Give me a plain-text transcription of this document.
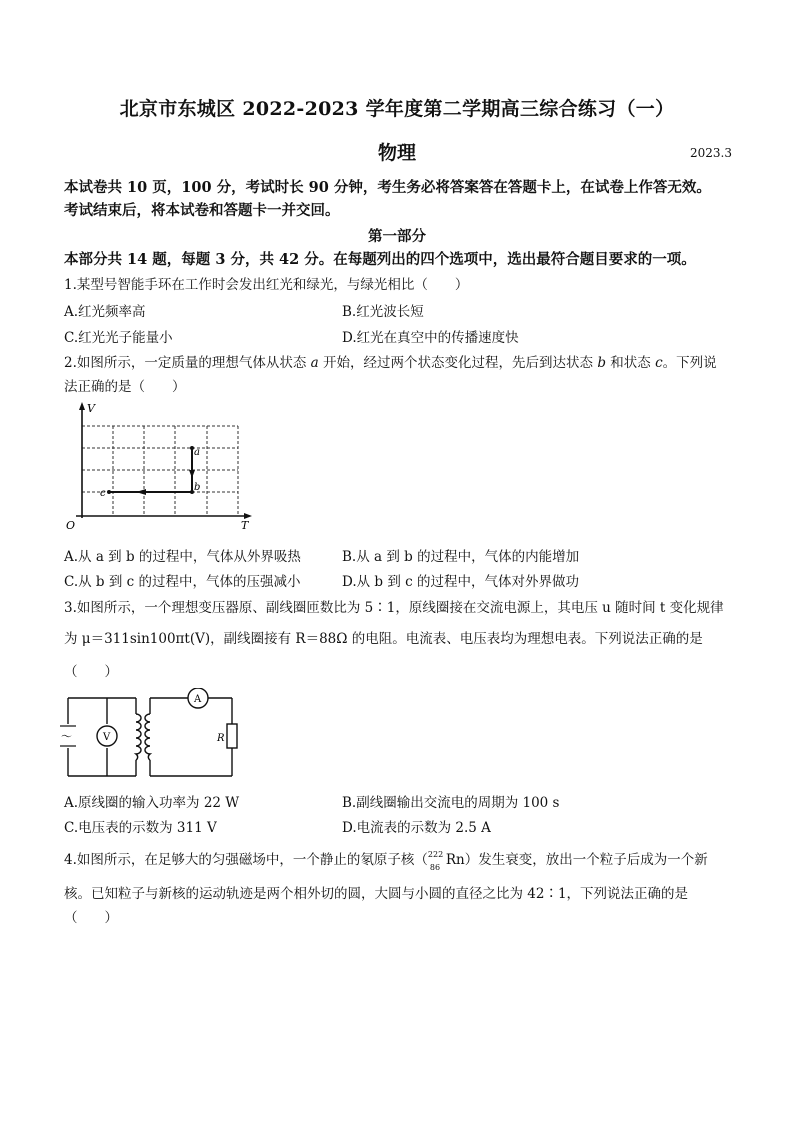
北京市东城区 2022-2023 学年度第二学期高三综合练习（一）
物理	2023.3
本试卷共 10 页，100 分，考试时长 90 分钟，考生务必将答案答在答题卡上，在试卷上作答无效。
考试结束后，将本试卷和答题卡一并交回。
第一部分
本部分共 14 题，每题 3 分，共 42 分。在每题列出的四个选项中，选出最符合题目要求的一项。
1.某型号智能手环在工作时会发出红光和绿光，与绿光相比（　　）
A.红光频率高	B.红光波长短
C.红光光子能量小	D.红光在真空中的传播速度快
2.如图所示，一定质量的理想气体从状态 a 开始，经过两个状态变化过程，先后到达状态 b 和状态 c。下列说
法正确的是（　　）
V
T
O
a
b
c
A.从 a 到 b 的过程中，气体从外界吸热	B.从 a 到 b 的过程中，气体的内能增加
C.从 b 到 c 的过程中，气体的压强减小	D.从 b 到 c 的过程中，气体对外界做功
3.如图所示，一个理想变压器原、副线圈匝数比为 5∶1，原线圈接在交流电源上，其电压 u 随时间 t 变化规律
为 μ＝311sin100πt(V)，副线圈接有 R＝88Ω 的电阻。电流表、电压表均为理想电表。下列说法正确的是
（　　）
～	V
A
R
A.原线圈的输入功率为 22 W	B.副线圈输出交流电的周期为 100 s
C.电压表的示数为 311 V	D.电流表的示数为 2.5 A
4.如图所示，在足够大的匀强磁场中，一个静止的氡原子核（ 222
86 Rn）发生衰变，放出一个粒子后成为一个新
核。已知粒子与新核的运动轨迹是两个相外切的圆，大圆与小圆的直径之比为 42∶1，下列说法正确的是
（　　）
